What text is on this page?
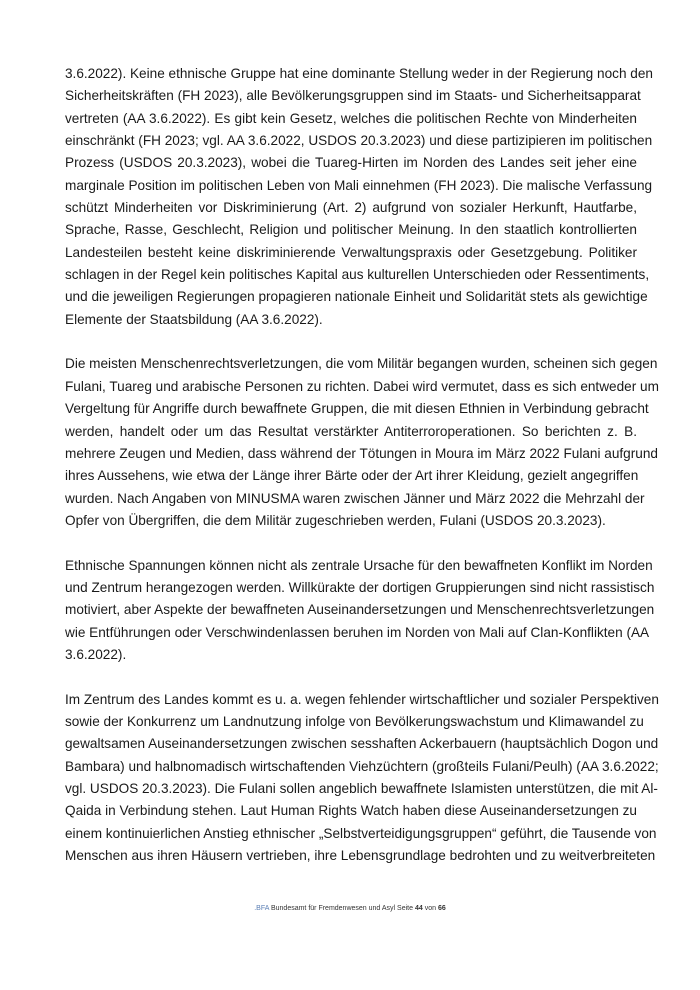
3.6.2022). Keine ethnische Gruppe hat eine dominante Stellung weder in der Regierung noch den
Sicherheitskräften (FH 2023), alle Bevölkerungsgruppen sind im Staats- und Sicherheitsapparat
vertreten (AA 3.6.2022). Es gibt kein Gesetz, welches die politischen Rechte von Minderheiten
einschränkt (FH 2023; vgl. AA 3.6.2022, USDOS 20.3.2023) und diese partizipieren im politischen
Prozess (USDOS 20.3.2023), wobei die Tuareg-Hirten im Norden des Landes seit jeher eine
marginale Position im politischen Leben von Mali einnehmen (FH 2023). Die malische Verfassung
schützt Minderheiten vor Diskriminierung (Art. 2) aufgrund von sozialer Herkunft, Hautfarbe,
Sprache, Rasse, Geschlecht, Religion und politischer Meinung. In den staatlich kontrollierten
Landesteilen besteht keine diskriminierende Verwaltungspraxis oder Gesetzgebung. Politiker
schlagen in der Regel kein politisches Kapital aus kulturellen Unterschieden oder Ressentiments,
und die jeweiligen Regierungen propagieren nationale Einheit und Solidarität stets als gewichtige
Elemente der Staatsbildung (AA 3.6.2022).
Die meisten Menschenrechtsverletzungen, die vom Militär begangen wurden, scheinen sich gegen
Fulani, Tuareg und arabische Personen zu richten. Dabei wird vermutet, dass es sich entweder um
Vergeltung für Angriffe durch bewaffnete Gruppen, die mit diesen Ethnien in Verbindung gebracht
werden, handelt oder um das Resultat verstärkter Antiterroroperationen. So berichten z. B.
mehrere Zeugen und Medien, dass während der Tötungen in Moura im März 2022 Fulani aufgrund
ihres Aussehens, wie etwa der Länge ihrer Bärte oder der Art ihrer Kleidung, gezielt angegriffen
wurden. Nach Angaben von MINUSMA waren zwischen Jänner und März 2022 die Mehrzahl der
Opfer von Übergriffen, die dem Militär zugeschrieben werden, Fulani (USDOS 20.3.2023).
Ethnische Spannungen können nicht als zentrale Ursache für den bewaffneten Konflikt im Norden
und Zentrum herangezogen werden. Willkürakte der dortigen Gruppierungen sind nicht rassistisch
motiviert, aber Aspekte der bewaffneten Auseinandersetzungen und Menschenrechtsverletzungen
wie Entführungen oder Verschwindenlassen beruhen im Norden von Mali auf Clan-Konflikten (AA
3.6.2022).
Im Zentrum des Landes kommt es u. a. wegen fehlender wirtschaftlicher und sozialer Perspektiven
sowie der Konkurrenz um Landnutzung infolge von Bevölkerungswachstum und Klimawandel zu
gewaltsamen Auseinandersetzungen zwischen sesshaften Ackerbauern (hauptsächlich Dogon und
Bambara) und halbnomadisch wirtschaftenden Viehzüchtern (großteils Fulani/Peulh) (AA 3.6.2022;
vgl. USDOS 20.3.2023). Die Fulani sollen angeblich bewaffnete Islamisten unterstützen, die mit Al-
Qaida in Verbindung stehen. Laut Human Rights Watch haben diese Auseinandersetzungen zu
einem kontinuierlichen Anstieg ethnischer „Selbstverteidigungsgruppen“ geführt, die Tausende von
Menschen aus ihren Häusern vertrieben, ihre Lebensgrundlage bedrohten und zu weitverbreiteten
.BFA Bundesamt für Fremdenwesen und Asyl Seite 44 von 66
